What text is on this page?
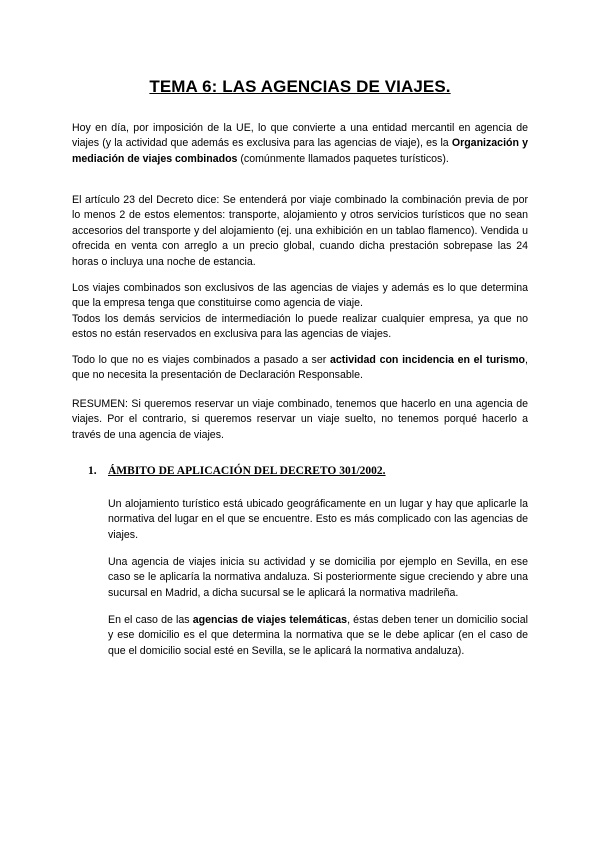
TEMA 6: LAS AGENCIAS DE VIAJES.

Hoy en día, por imposición de la UE, lo que convierte a una entidad mercantil en agencia de viajes (y la actividad que además es exclusiva para las agencias de viaje), es la Organización y mediación de viajes combinados (comúnmente llamados paquetes turísticos).

El artículo 23 del Decreto dice: Se entenderá por viaje combinado la combinación previa de por lo menos 2 de estos elementos: transporte, alojamiento y otros servicios turísticos que no sean accesorios del transporte y del alojamiento (ej. una exhibición en un tablao flamenco). Vendida u ofrecida en venta con arreglo a un precio global, cuando dicha prestación sobrepase las 24 horas o incluya una noche de estancia.

Los viajes combinados son exclusivos de las agencias de viajes y además es lo que determina que la empresa tenga que constituirse como agencia de viaje.
Todos los demás servicios de intermediación lo puede realizar cualquier empresa, ya que no estos no están reservados en exclusiva para las agencias de viajes.

Todo lo que no es viajes combinados a pasado a ser actividad con incidencia en el turismo, que no necesita la presentación de Declaración Responsable.

RESUMEN: Si queremos reservar un viaje combinado, tenemos que hacerlo en una agencia de viajes. Por el contrario, si queremos reservar un viaje suelto, no tenemos porqué hacerlo a través de una agencia de viajes.

1. ÁMBITO DE APLICACIÓN DEL DECRETO 301/2002.

Un alojamiento turístico está ubicado geográficamente en un lugar y hay que aplicarle la normativa del lugar en el que se encuentre. Esto es más complicado con las agencias de viajes.

Una agencia de viajes inicia su actividad y se domicilia por ejemplo en Sevilla, en ese caso se le aplicaría la normativa andaluza. Si posteriormente sigue creciendo y abre una sucursal en Madrid, a dicha sucursal se le aplicará la normativa madrileña.

En el caso de las agencias de viajes telemáticas, éstas deben tener un domicilio social y ese domicilio es el que determina la normativa que se le debe aplicar (en el caso de que el domicilio social esté en Sevilla, se le aplicará la normativa andaluza).
